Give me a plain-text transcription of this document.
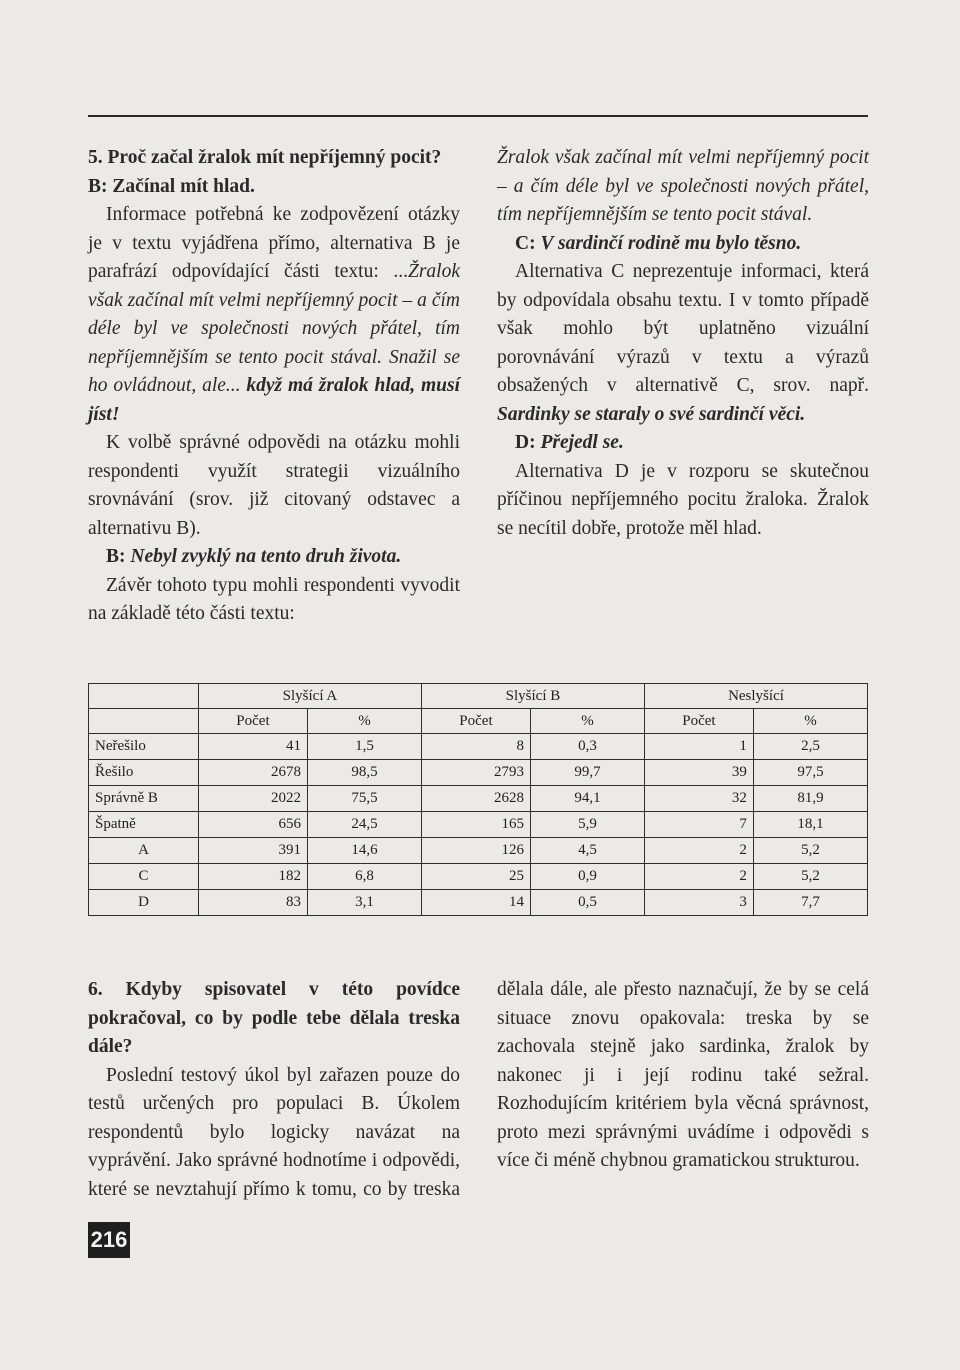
5. Proč začal žralok mít nepříjemný pocit?

B: Začínal mít hlad.

Informace potřebná ke zodpovězení otázky je v textu vyjádřena přímo, alternativa B je parafrází odpovídající části textu: ...Žralok však začínal mít velmi nepříjemný pocit – a čím déle byl ve společnosti nových přátel, tím nepříjemnějším se tento pocit stával. Snažil se ho ovládnout, ale... když má žralok hlad, musí jíst!

K volbě správné odpovědi na otázku mohli respondenti využít strategii vizuálního srovnávání (srov. již citovaný odstavec a alternativu B).

B: Nebyl zvyklý na tento druh života.

Závěr tohoto typu mohli respondenti vyvodit na základě této části textu:

Žralok však začínal mít velmi nepříjemný pocit – a čím déle byl ve společnosti nových přátel, tím nepříjemnějším se tento pocit stával.

C: V sardinčí rodině mu bylo těsno.

Alternativa C neprezentuje informaci, která by odpovídala obsahu textu. I v tomto případě však mohlo být uplatněno vizuální porovnávání výrazů v textu a výrazů obsažených v alternativě C, srov. např. Sardinky se staraly o své sardinčí věci.

D: Přejedl se.

Alternativa D je v rozporu se skutečnou příčinou nepříjemného pocitu žraloka. Žralok se necítil dobře, protože měl hlad.

	Slyšící A		Slyšící B		Neslyšící	
	Počet	%	Počet	%	Počet	%
Neřešilo	41	1,5	8	0,3	1	2,5
Řešilo	2678	98,5	2793	99,7	39	97,5
Správně B	2022	75,5	2628	94,1	32	81,9
Špatně	656	24,5	165	5,9	7	18,1
A	391	14,6	126	4,5	2	5,2
C	182	6,8	25	0,9	2	5,2
D	83	3,1	14	0,5	3	7,7

6. Kdyby spisovatel v této povídce pokračoval, co by podle tebe dělala treska dále?

Poslední testový úkol byl zařazen pouze do testů určených pro populaci B. Úkolem respondentů bylo logicky navázat na vyprávění. Jako správné hodnotíme i odpovědi, které se nevztahují přímo k tomu, co by treska

216

dělala dále, ale přesto naznačují, že by se celá situace znovu opakovala: treska by se zachovala stejně jako sardinka, žralok by nakonec ji i její rodinu také sežral. Rozhodujícím kritériem byla věcná správnost, proto mezi správnými uvádíme i odpovědi s více či méně chybnou gramatickou strukturou.
